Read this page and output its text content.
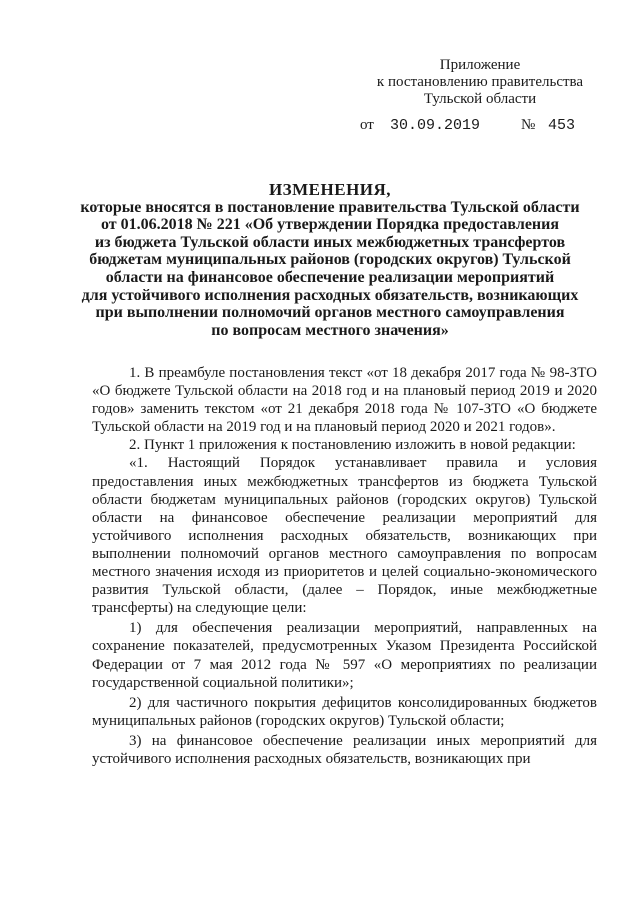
Приложение
к постановлению правительства
Тульской области
от 30.09.2019	№ 453
ИЗМЕНЕНИЯ,
которые вносятся в постановление правительства Тульской области
от 01.06.2018 № 221 «Об утверждении Порядка предоставления
из бюджета Тульской области иных межбюджетных трансфертов
бюджетам муниципальных районов (городских округов) Тульской
области на финансовое обеспечение реализации мероприятий
для устойчивого исполнения расходных обязательств, возникающих
при выполнении полномочий органов местного самоуправления
по вопросам местного значения»

1. В преамбуле постановления текст «от 18 декабря 2017 года № 98-ЗТО «О бюджете Тульской области на 2018 год и на плановый период 2019 и 2020 годов» заменить текстом «от 21 декабря 2018 года № 107-ЗТО «О бюджете Тульской области на 2019 год и на плановый период 2020 и 2021 годов».

2. Пункт 1 приложения к постановлению изложить в новой редакции:

«1. Настоящий Порядок устанавливает правила и условия предоставления иных межбюджетных трансфертов из бюджета Тульской области бюджетам муниципальных районов (городских округов) Тульской области на финансовое обеспечение реализации мероприятий для устойчивого исполнения расходных обязательств, возникающих при выполнении полномочий органов местного самоуправления по вопросам местного значения исходя из приоритетов и целей социально-экономического развития Тульской области, (далее – Порядок, иные межбюджетные трансферты) на следующие цели:

1) для обеспечения реализации мероприятий, направленных на сохранение показателей, предусмотренных Указом Президента Российской Федерации от 7 мая 2012 года № 597 «О мероприятиях по реализации государственной социальной политики»;

2) для частичного покрытия дефицитов консолидированных бюджетов муниципальных районов (городских округов) Тульской области;

3) на финансовое обеспечение реализации иных мероприятий для устойчивого исполнения расходных обязательств, возникающих при
